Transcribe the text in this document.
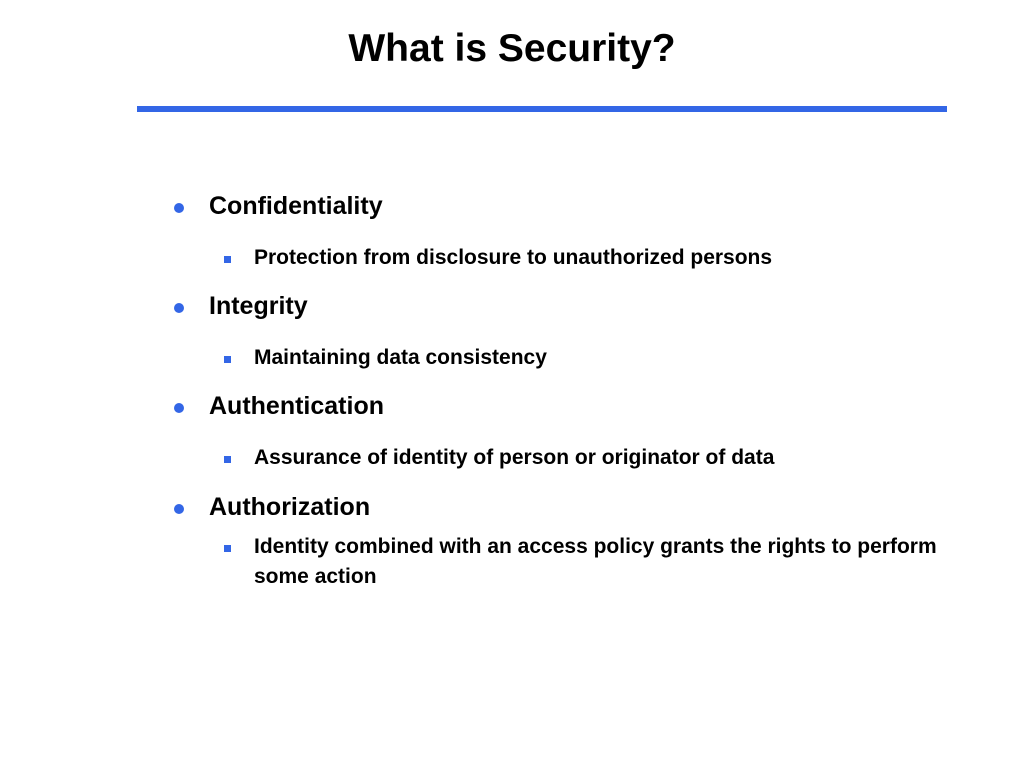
What is Security?
Confidentiality
Protection from disclosure to unauthorized persons
Integrity
Maintaining data consistency
Authentication
Assurance of identity of person or originator of data
Authorization
Identity combined with an access policy grants the rights to perform some action
